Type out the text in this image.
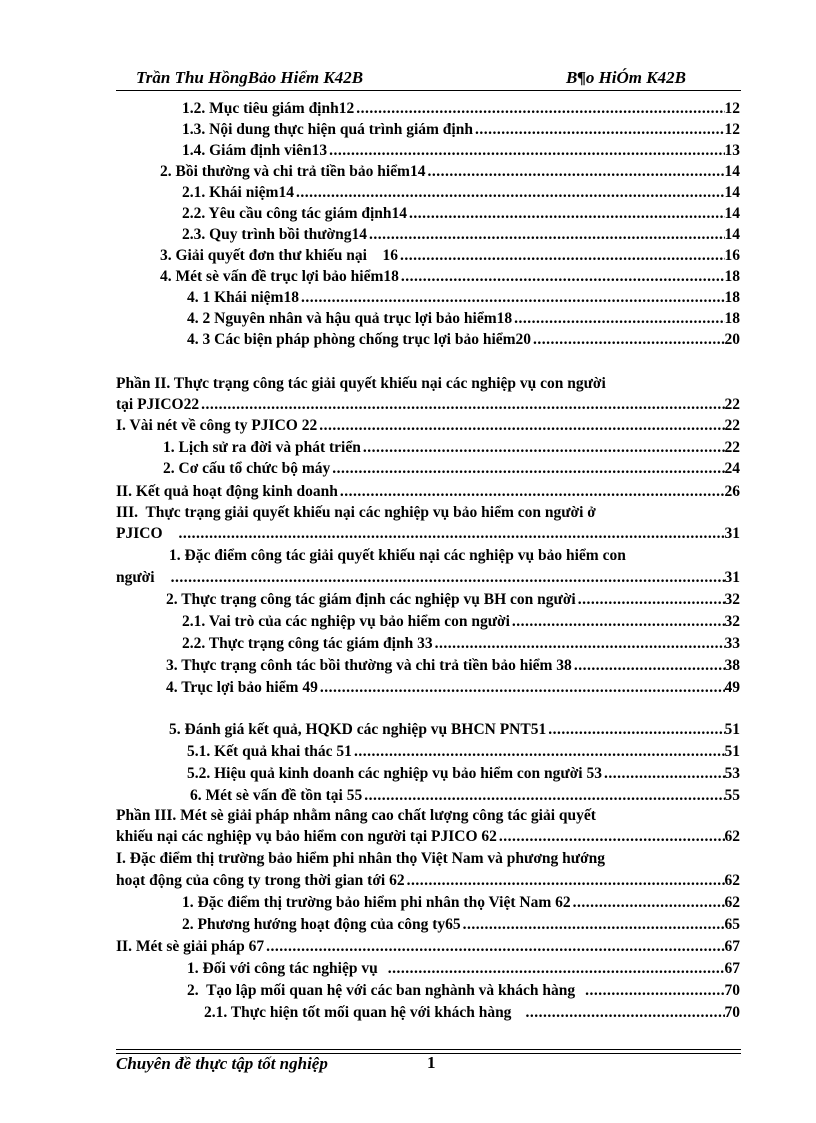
Trần Thu HồngBảo Hiểm K42B	B¶o HiÓm K42B
1.2. Mục tiêu giám định12 .....	12
1.3. Nội dung thực hiện quá trình giám định .....	12
1.4. Giám định viên13 .....	13
2. Bồi thường và chi trả tiền bảo hiểm14 .....	14
2.1. Khái niệm14 .....	14
2.2. Yêu cầu công tác giám định14 .....	14
2.3. Quy trình bồi thường14 .....	14
3. Giải quyết đơn thư khiếu nại    16 .....	16
4. Mét sè vấn đề trục lợi bảo hiểm18 .....	18
4. 1 Khái niệm18 .....	18
4. 2 Nguyên nhân và hậu quả trục lợi bảo hiểm18 .....	18
4. 3 Các biện pháp phòng chống trục lợi bảo hiểm20 .....	20
Phần II. Thực trạng công tác giải quyết khiếu nại các nghiệp vụ con người
tại PJICO22 .....	22
I. Vài nét về công ty PJICO 22 .....	22
1. Lịch sử ra đời và phát triển .....	22
2. Cơ cấu tổ chức bộ máy .....	24
II. Kết quả hoạt động kinh doanh .....	26
III.  Thực trạng giải quyết khiếu nại các nghiệp vụ bảo hiểm con người ở
PJICO .....	31
1. Đặc điểm công tác giải quyết khiếu nại các nghiệp vụ bảo hiểm con
người .....	31
2. Thực trạng công tác giám định các nghiệp vụ BH con người .....	32
2.1. Vai trò của các nghiệp vụ bảo hiểm con người .....	32
2.2. Thực trạng công tác giám định 33 .....	33
3. Thực trạng cônh tác bồi thường và chi trả tiền bảo hiểm 38 .....	38
4. Trục lợi bảo hiểm 49 .....	49
5. Đánh giá kết quả, HQKD các nghiệp vụ BHCN PNT51 .....	51
5.1. Kết quả khai thác 51 .....	51
5.2. Hiệu quả kinh doanh các nghiệp vụ bảo hiểm con người 53 .....	53
6. Mét sè vấn đề tồn tại 55 .....	55
Phần III. Mét sè giải pháp nhằm nâng cao chất lượng công tác giải quyết
khiếu nại các nghiệp vụ bảo hiểm con người tại PJICO 62 .....	62
I. Đặc điểm thị trường bảo hiểm phi nhân thọ Việt Nam và phương hướng
hoạt động của công ty trong thời gian tới 62 .....	62
1. Đặc điểm thị trường bảo hiểm phi nhân thọ Việt Nam 62 .....	62
2. Phương hướng hoạt động của công ty65 .....	65
II. Mét sè giải pháp 67 .....	67
1. Đối với công tác nghiệp vụ .....	67
2.  Tạo lập mối quan hệ với các ban nghành và khách hàng .....	70
2.1. Thực hiện tốt mối quan hệ với khách hàng .....	70
Chuyên đề thực tập tốt nghiệp	1
